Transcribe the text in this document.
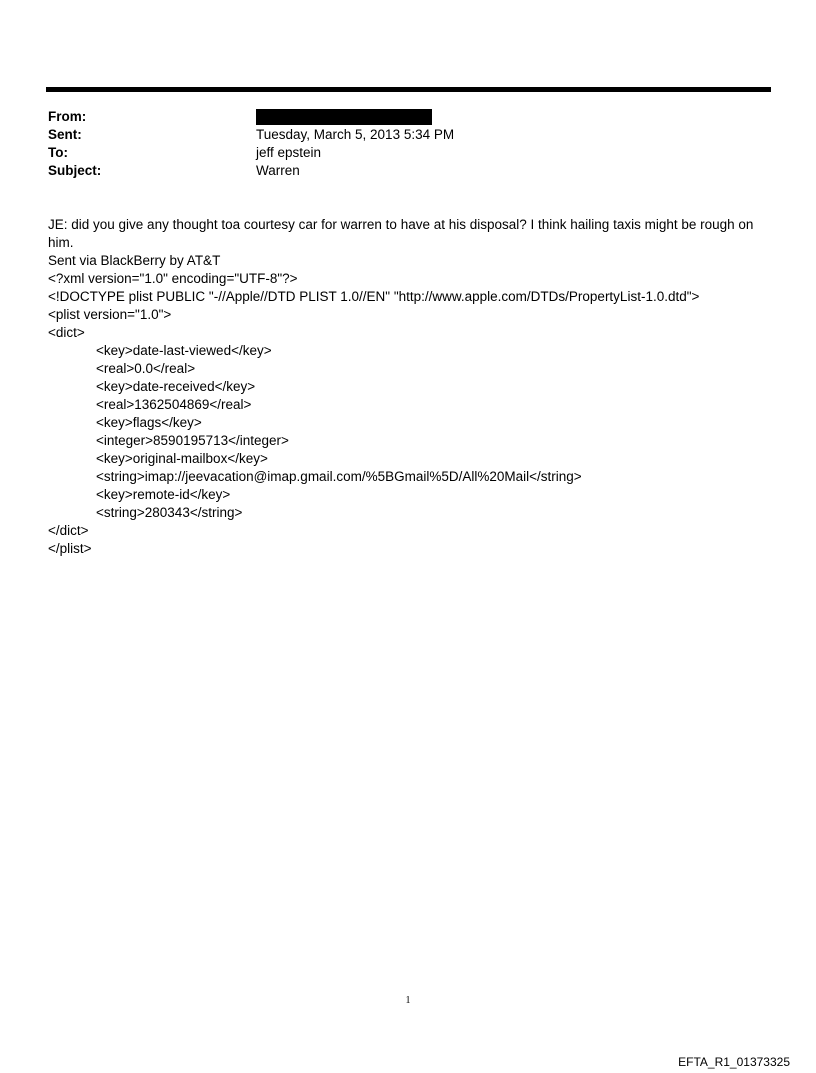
From:
Sent:	Tuesday, March 5, 2013 5:34 PM
To:	jeff epstein
Subject:	Warren

JE: did you give any thought toa courtesy car for warren to have at his disposal? I think hailing taxis might be rough on him.

Sent via BlackBerry by AT&T

<?xml version="1.0" encoding="UTF-8"?>

<!DOCTYPE plist PUBLIC "-//Apple//DTD PLIST 1.0//EN" "http://www.apple.com/DTDs/PropertyList-1.0.dtd">

<plist version="1.0">

<dict>

<key>date-last-viewed</key>

<real>0.0</real>

<key>date-received</key>

<real>1362504869</real>

<key>flags</key>

<integer>8590195713</integer>

<key>original-mailbox</key>

<string>imap://jeevacation@imap.gmail.com/%5BGmail%5D/All%20Mail</string>

<key>remote-id</key>

<string>280343</string>

</dict>

</plist>

1
EFTA_R1_01373325
